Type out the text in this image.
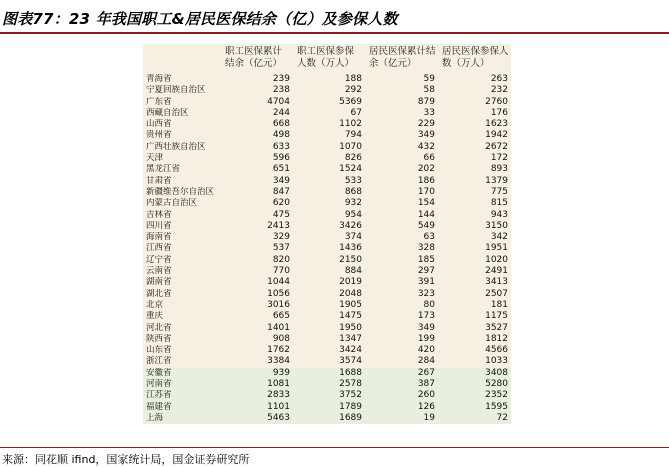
图表77：23 年我国职工&居民医保结余（亿）及参保人数
	职工医保累计结余（亿元）	职工医保参保人数（万人）	居民医保累计结余（亿元）	居民医保参保人数（万人）
青海省	239	188	59	263
宁夏回族自治区	238	292	58	232
广东省	4704	5369	879	2760
西藏自治区	244	67	33	176
山西省	668	1102	229	1623
贵州省	498	794	349	1942
广西壮族自治区	633	1070	432	2672
天津	596	826	66	172
黑龙江省	651	1524	202	893
甘肃省	349	533	186	1379
新疆维吾尔自治区	847	868	170	775
内蒙古自治区	620	932	154	815
吉林省	475	954	144	943
四川省	2413	3426	549	3150
海南省	329	374	63	342
江西省	537	1436	328	1951
辽宁省	820	2150	185	1020
云南省	770	884	297	2491
湖南省	1044	2019	391	3413
湖北省	1056	2048	323	2507
北京	3016	1905	80	181
重庆	665	1475	173	1175
河北省	1401	1950	349	3527
陕西省	908	1347	199	1812
山东省	1762	3424	420	4566
浙江省	3384	3574	284	1033
安徽省	939	1688	267	3408
河南省	1081	2578	387	5280
江苏省	2833	3752	260	2352
福建省	1101	1789	126	1595
上海	5463	1689	19	72
来源：同花顺 ifind，国家统计局，国金证券研究所
